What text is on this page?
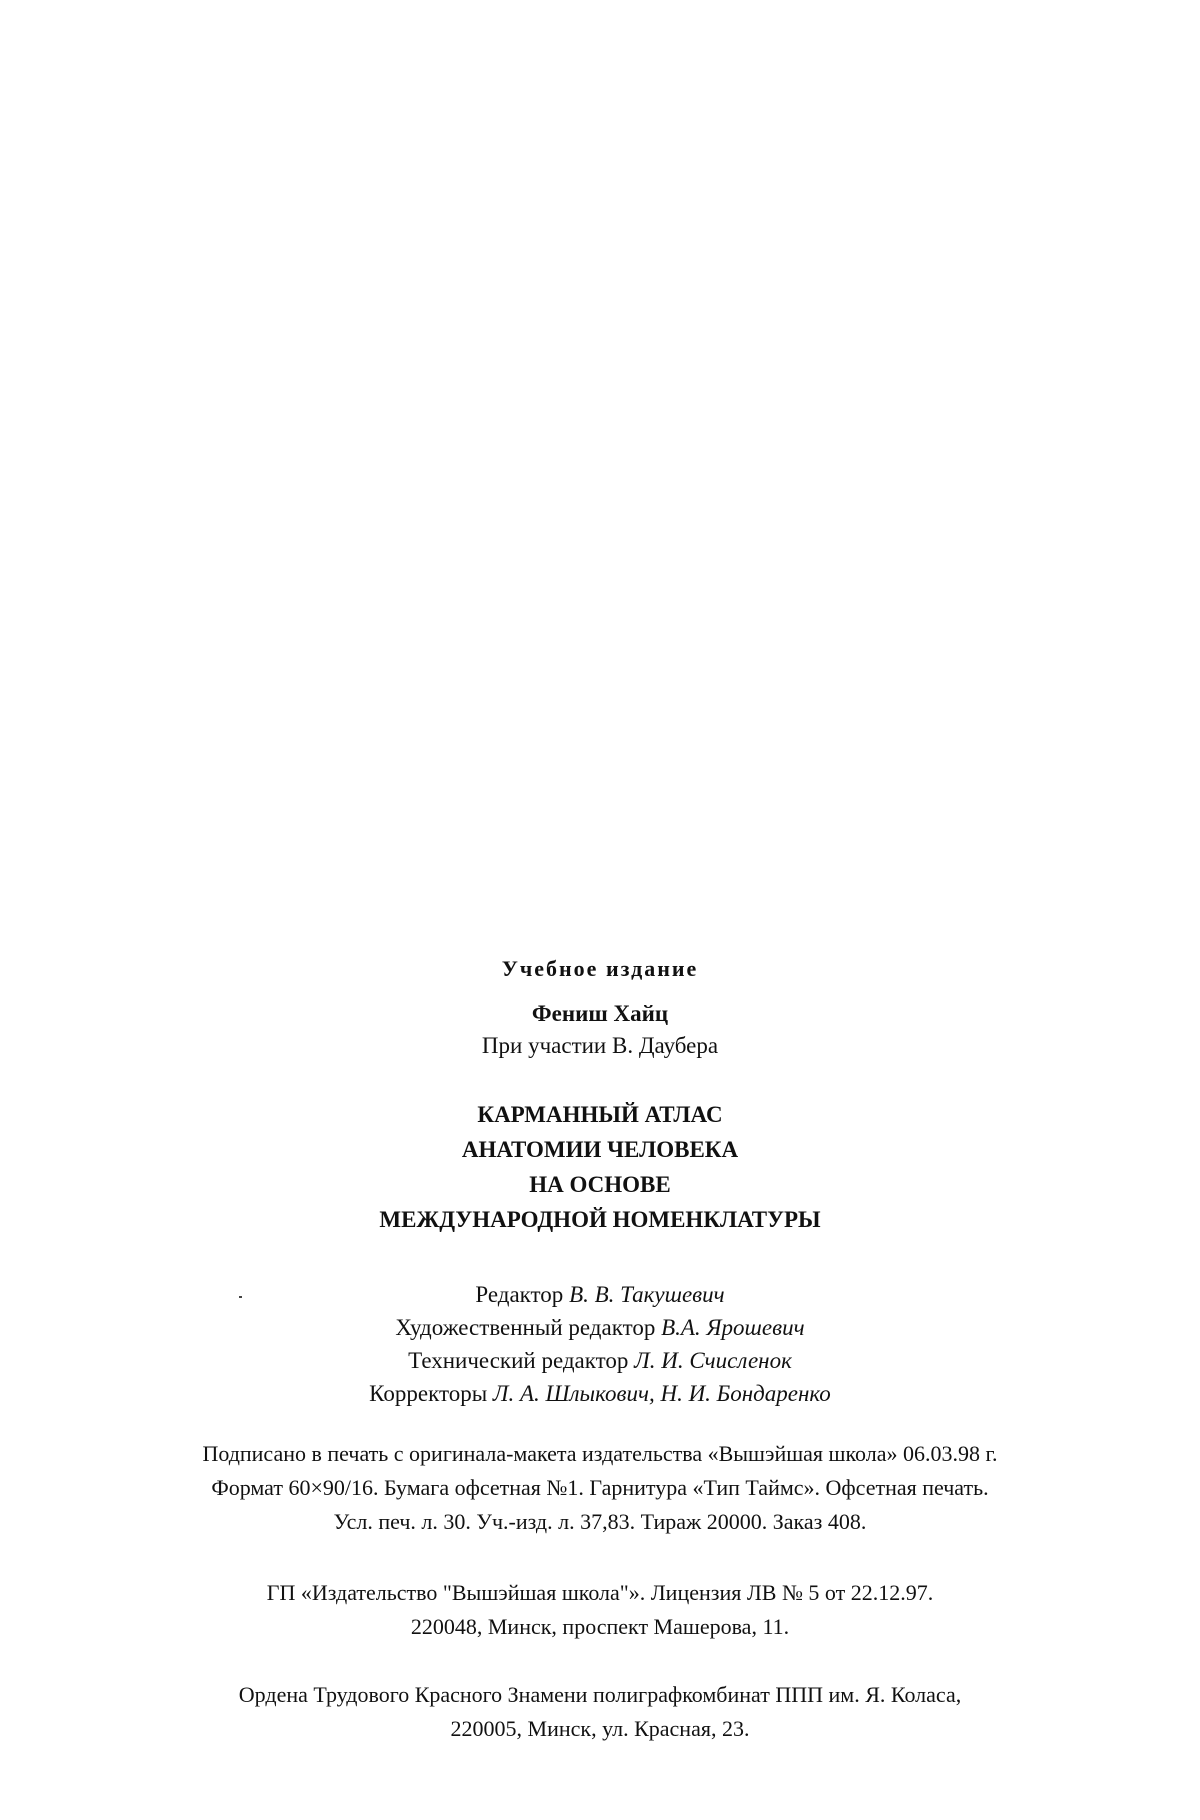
Учебное издание
Фениш Хайц
При участии В. Даубера
КАРМАННЫЙ АТЛАС
АНАТОМИИ ЧЕЛОВЕКА
НА ОСНОВЕ
МЕЖДУНАРОДНОЙ НОМЕНКЛАТУРЫ
Редактор В. В. Такушевич
Художественный редактор В.А. Ярошевич
Технический редактор Л. И. Счисленок
Корректоры Л. А. Шлыкович, Н. И. Бондаренко
Подписано в печать с оригинала-макета издательства «Вышэйшая школа» 06.03.98 г.
Формат 60×90/16. Бумага офсетная №1. Гарнитура «Тип Таймс». Офсетная печать.
Усл. печ. л. 30. Уч.-изд. л. 37,83. Тираж 20000. Заказ 408.
ГП «Издательство "Вышэйшая школа"». Лицензия ЛВ № 5 от 22.12.97.
220048, Минск, проспект Машерова, 11.
Ордена Трудового Красного Знамени полиграфкомбинат ППП им. Я. Коласа,
220005, Минск, ул. Красная, 23.
